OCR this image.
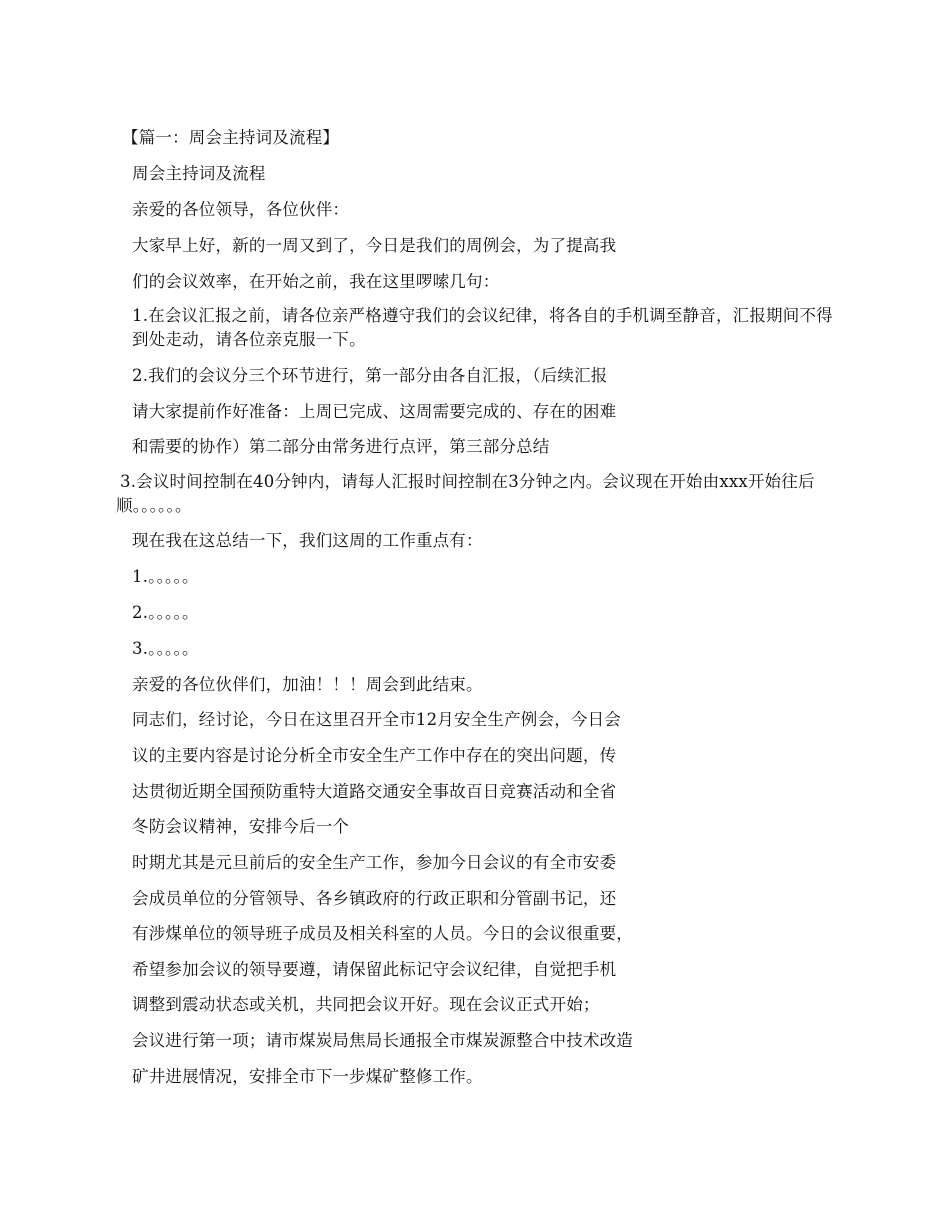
【篇一：周会主持词及流程】
周会主持词及流程
亲爱的各位领导，各位伙伴：
大家早上好，新的一周又到了，今日是我们的周例会，为了提高我
们的会议效率，在开始之前，我在这里啰嗦几句：
1.在会议汇报之前，请各位亲严格遵守我们的会议纪律，将各自的手机调至静音，汇报期间不得到处走动，请各位亲克服一下。
2.我们的会议分三个环节进行，第一部分由各自汇报，（后续汇报
请大家提前作好准备：上周已完成、这周需要完成的、存在的困难
和需要的协作）第二部分由常务进行点评，第三部分总结
3.会议时间控制在40分钟内，请每人汇报时间控制在3分钟之内。会议现在开始由xxx开始往后顺。。。。。。
现在我在这总结一下，我们这周的工作重点有：
1.。。。。。
2.。。。。。
3.。。。。。
亲爱的各位伙伴们，加油！！！周会到此结束。
同志们，经讨论，今日在这里召开全市12月安全生产例会，今日会
议的主要内容是讨论分析全市安全生产工作中存在的突出问题，传
达贯彻近期全国预防重特大道路交通安全事故百日竞赛活动和全省
冬防会议精神，安排今后一个
时期尤其是元旦前后的安全生产工作，参加今日会议的有全市安委
会成员单位的分管领导、各乡镇政府的行政正职和分管副书记，还
有涉煤单位的领导班子成员及相关科室的人员。今日的会议很重要，
希望参加会议的领导要遵，请保留此标记守会议纪律，自觉把手机
调整到震动状态或关机，共同把会议开好。现在会议正式开始；
会议进行第一项；请市煤炭局焦局长通报全市煤炭源整合中技术改造
矿井进展情况，安排全市下一步煤矿整修工作。
